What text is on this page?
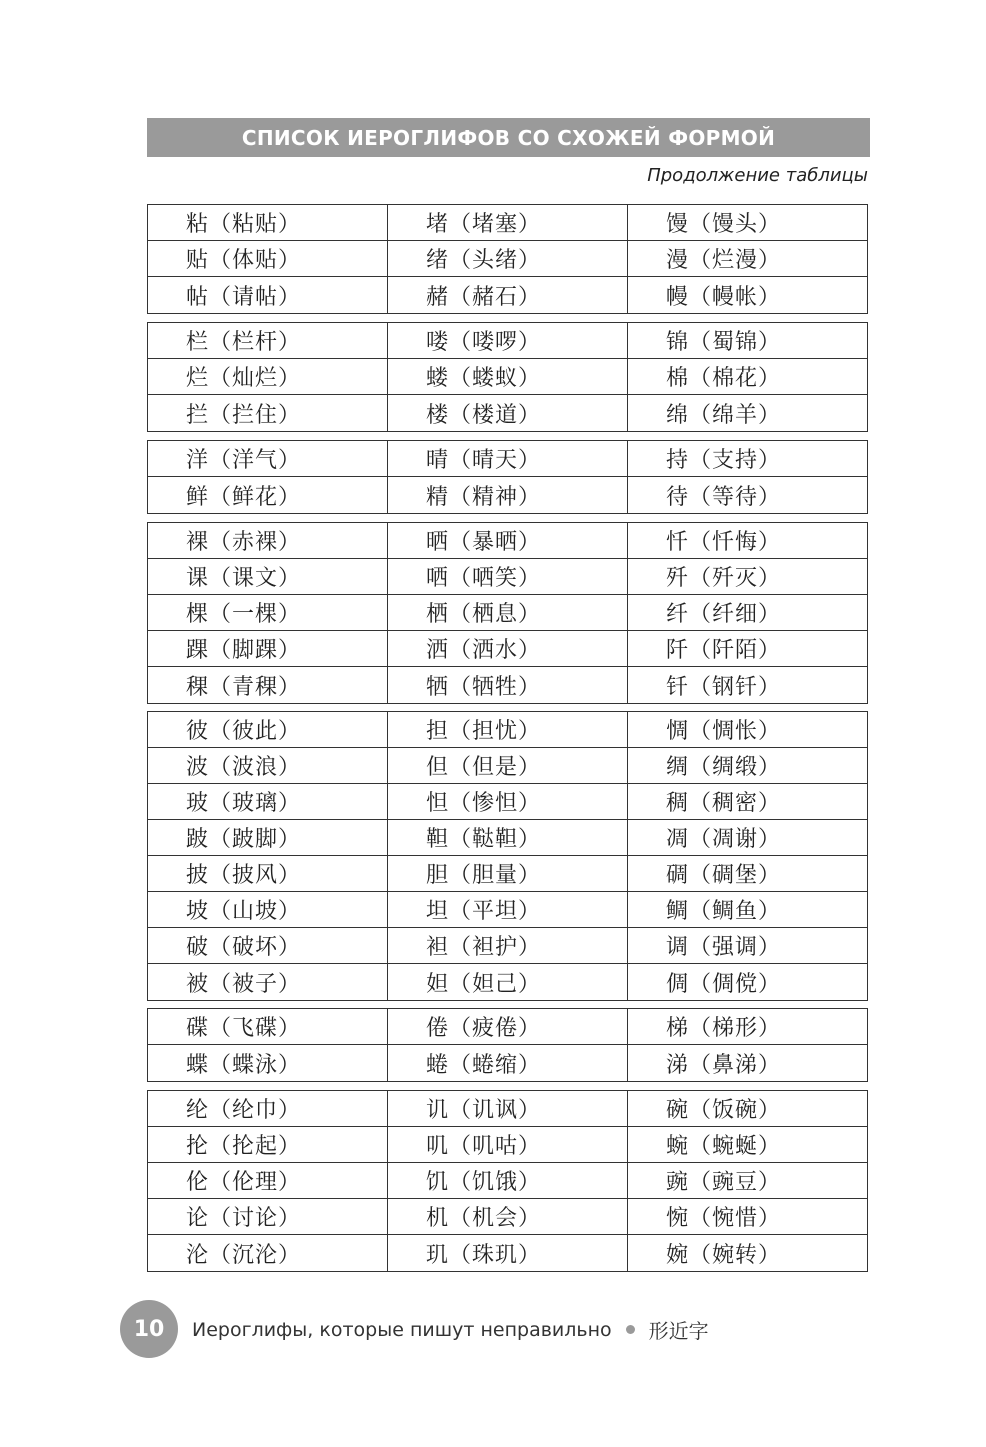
СПИСОК ИЕРОГЛИФОВ СО СХОЖЕЙ ФОРМОЙ
Продолжение таблицы
粘（粘贴）	堵（堵塞）	馒（馒头）
贴（体贴）	绪（头绪）	漫（烂漫）
帖（请帖）	赭（赭石）	幔（幔帐）
栏（栏杆）	喽（喽啰）	锦（蜀锦）
烂（灿烂）	蝼（蝼蚁）	棉（棉花）
拦（拦住）	楼（楼道）	绵（绵羊）
洋（洋气）	晴（晴天）	持（支持）
鲜（鲜花）	精（精神）	待（等待）
裸（赤裸）	晒（暴晒）	忏（忏悔）
课（课文）	哂（哂笑）	歼（歼灭）
棵（一棵）	栖（栖息）	纤（纤细）
踝（脚踝）	洒（洒水）	阡（阡陌）
稞（青稞）	牺（牺牲）	钎（钢钎）
彼（彼此）	担（担忧）	惆（惆怅）
波（波浪）	但（但是）	绸（绸缎）
玻（玻璃）	怛（惨怛）	稠（稠密）
跛（跛脚）	靼（鞑靼）	凋（凋谢）
披（披风）	胆（胆量）	碉（碉堡）
坡（山坡）	坦（平坦）	鲷（鲷鱼）
破（破坏）	袒（袒护）	调（强调）
被（被子）	妲（妲己）	倜（倜傥）
碟（飞碟）	倦（疲倦）	梯（梯形）
蝶（蝶泳）	蜷（蜷缩）	涕（鼻涕）
纶（纶巾）	讥（讥讽）	碗（饭碗）
抡（抡起）	叽（叽咕）	蜿（蜿蜒）
伦（伦理）	饥（饥饿）	豌（豌豆）
论（讨论）	机（机会）	惋（惋惜）
沦（沉沦）	玑（珠玑）	婉（婉转）
10	Иероглифы, которые пишут неправильно 形近字
